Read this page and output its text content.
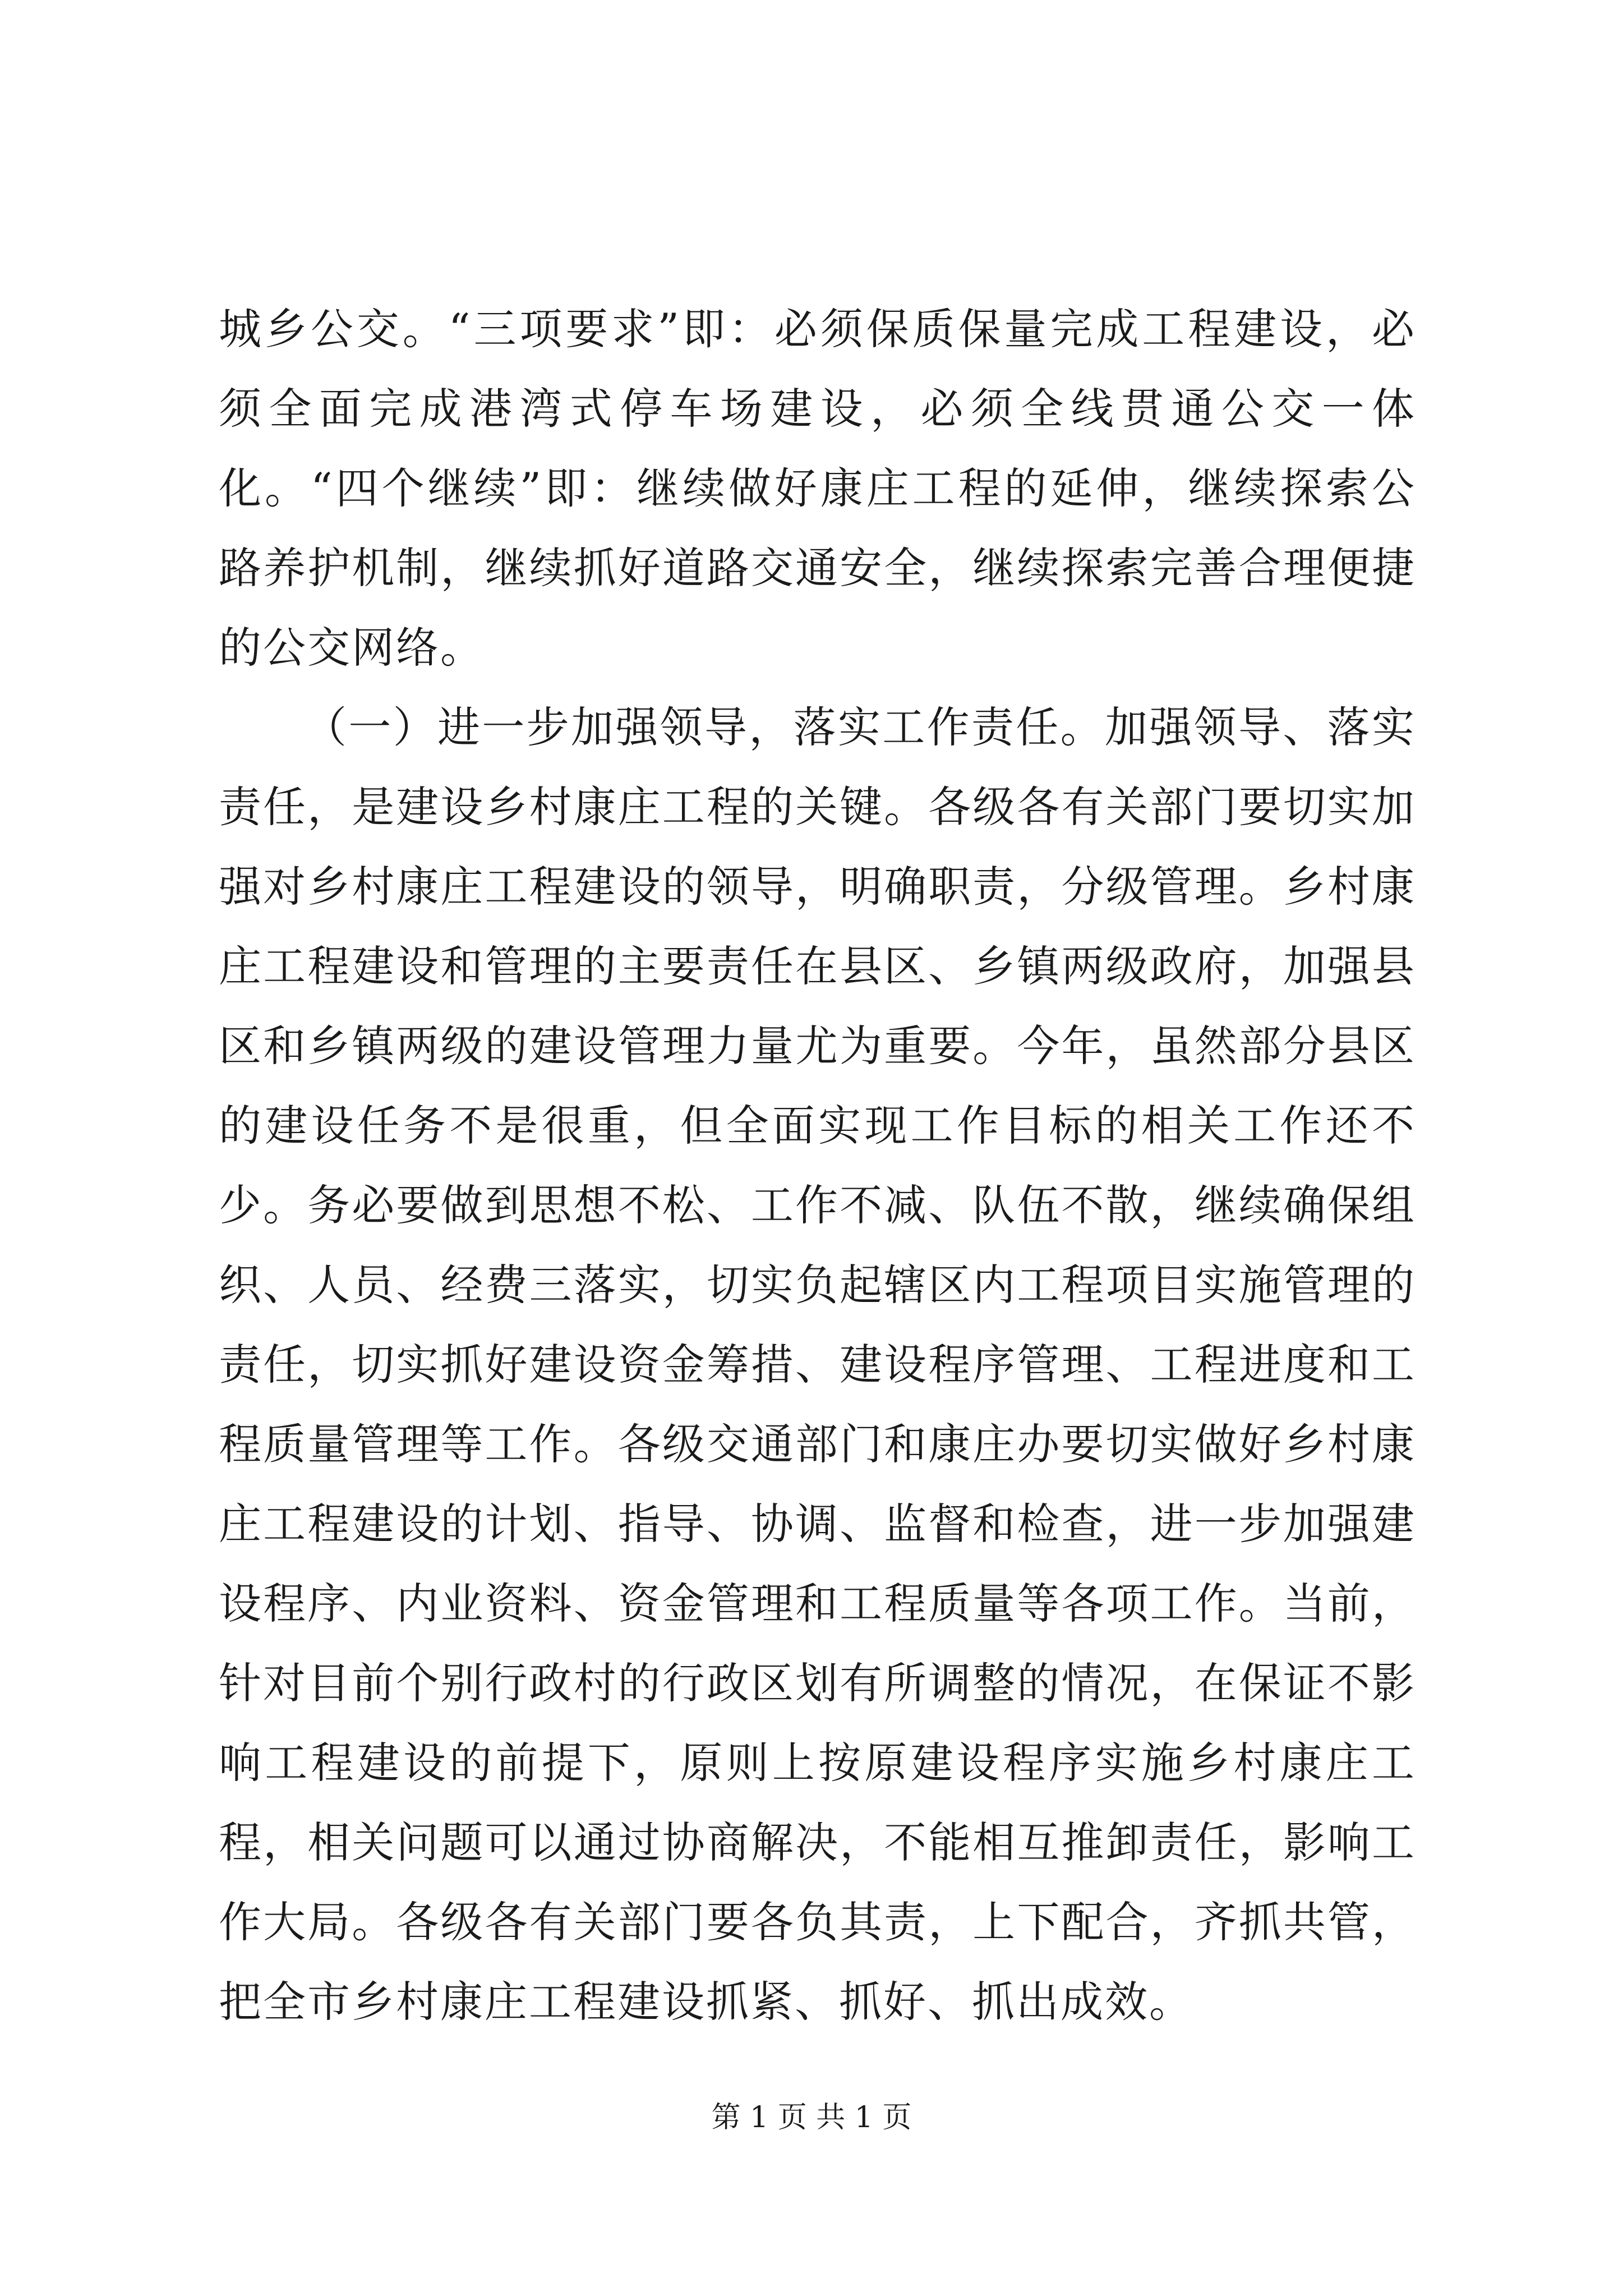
城乡公交。“三项要求”即：必须保质保量完成工程建设，必须全面完成港湾式停车场建设，必须全线贯通公交一体化。“四个继续”即：继续做好康庄工程的延伸，继续探索公路养护机制，继续抓好道路交通安全，继续探索完善合理便捷的公交网络。

（一）进一步加强领导，落实工作责任。加强领导、落实责任，是建设乡村康庄工程的关键。各级各有关部门要切实加强对乡村康庄工程建设的领导，明确职责，分级管理。乡村康庄工程建设和管理的主要责任在县区、乡镇两级政府，加强县区和乡镇两级的建设管理力量尤为重要。今年，虽然部分县区的建设任务不是很重，但全面实现工作目标的相关工作还不少。务必要做到思想不松、工作不减、队伍不散，继续确保组织、人员、经费三落实，切实负起辖区内工程项目实施管理的责任，切实抓好建设资金筹措、建设程序管理、工程进度和工程质量管理等工作。各级交通部门和康庄办要切实做好乡村康庄工程建设的计划、指导、协调、监督和检查，进一步加强建设程序、内业资料、资金管理和工程质量等各项工作。当前，针对目前个别行政村的行政区划有所调整的情况，在保证不影响工程建设的前提下，原则上按原建设程序实施乡村康庄工程，相关问题可以通过协商解决，不能相互推卸责任，影响工作大局。各级各有关部门要各负其责，上下配合，齐抓共管，把全市乡村康庄工程建设抓紧、抓好、抓出成效。

第 1 页 共 1 页
